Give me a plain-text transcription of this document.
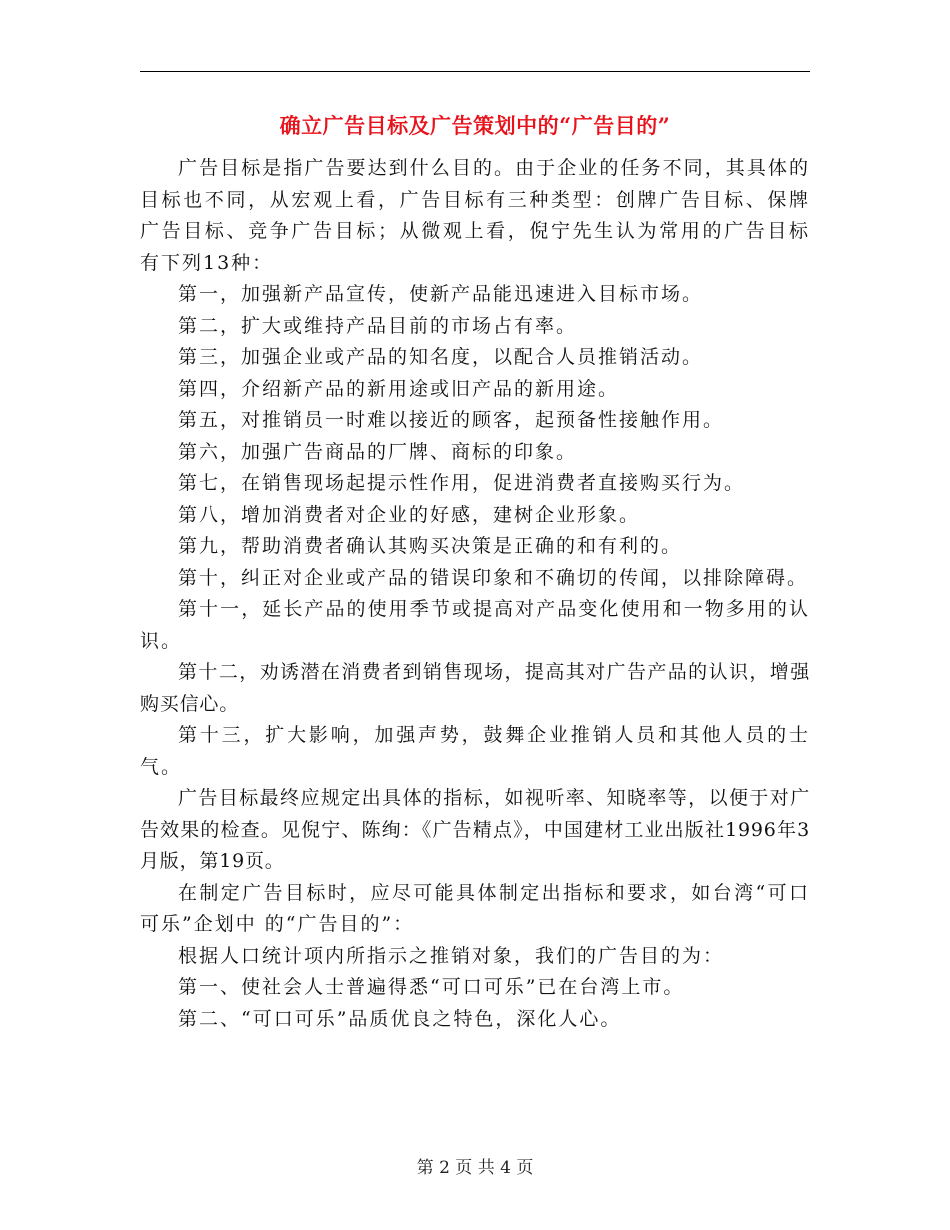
确立广告目标及广告策划中的“广告目的”

广告目标是指广告要达到什么目的。由于企业的任务不同，其具体的目标也不同，从宏观上看，广告目标有三种类型：创牌广告目标、保牌广告目标、竞争广告目标；从微观上看，倪宁先生认为常用的广告目标有下列13种：

第一，加强新产品宣传，使新产品能迅速进入目标市场。

第二，扩大或维持产品目前的市场占有率。

第三，加强企业或产品的知名度，以配合人员推销活动。

第四，介绍新产品的新用途或旧产品的新用途。

第五，对推销员一时难以接近的顾客，起预备性接触作用。

第六，加强广告商品的厂牌、商标的印象。

第七，在销售现场起提示性作用，促进消费者直接购买行为。

第八，增加消费者对企业的好感，建树企业形象。

第九，帮助消费者确认其购买决策是正确的和有利的。

第十，纠正对企业或产品的错误印象和不确切的传闻，以排除障碍。

第十一，延长产品的使用季节或提高对产品变化使用和一物多用的认识。

第十二，劝诱潜在消费者到销售现场，提高其对广告产品的认识，增强购买信心。

第十三，扩大影响，加强声势，鼓舞企业推销人员和其他人员的士气。

广告目标最终应规定出具体的指标，如视听率、知晓率等，以便于对广告效果的检查。见倪宁、陈绚：《广告精点》，中国建材工业出版社1996年3月版，第19页。

在制定广告目标时，应尽可能具体制定出指标和要求，如台湾“可口可乐”企划中 的“广告目的”：

根据人口统计项内所指示之推销对象，我们的广告目的为：

第一、使社会人士普遍得悉“可口可乐”已在台湾上市。

第二、“可口可乐”品质优良之特色，深化人心。

第 2 页 共 4 页
